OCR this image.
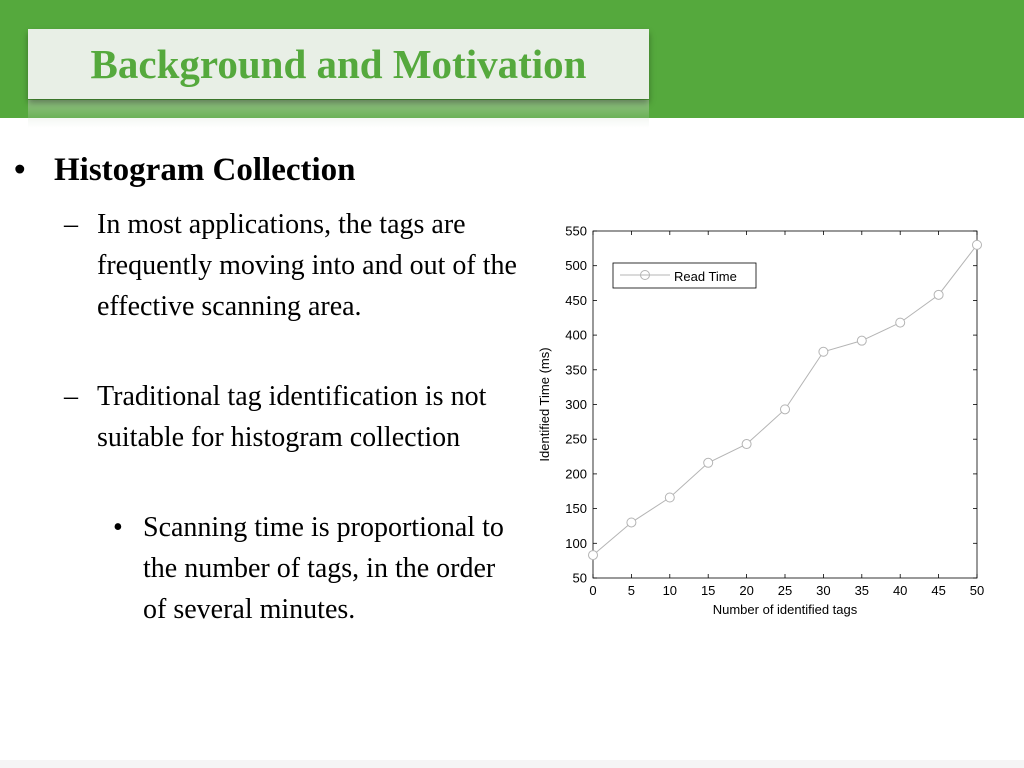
Background and Motivation
• Histogram Collection
– In most applications, the tags are frequently moving into and out of the effective scanning area.
– Traditional tag identification is not suitable for histogram collection
• Scanning time is proportional to the number of tags, in the order of several minutes.
0 5 10 15 20 25 30 35 40 45 50
50
100
150
200
250
300
350
400
450
500
550
Read Time
Number of identified tags
Identified Time (ms)
